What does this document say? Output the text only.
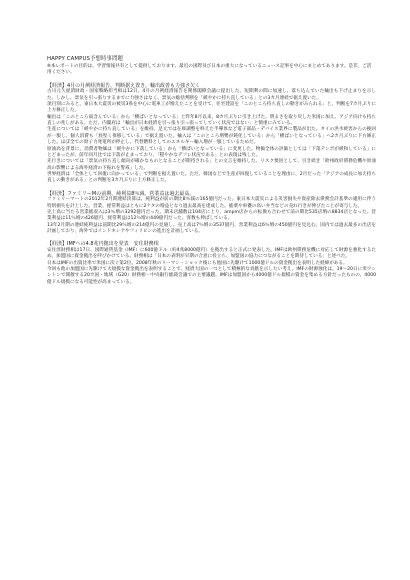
HAPPY CAMPUS予想時事問題
※本レポートの目的は、学習情報共有として提供しております。最近の国際及び日本の重大になっているニュース記事を中心にまとめてあります。是非、ご活用ください。
【経済】4月の月例経済報告、判断据え置き。輸出政善も力強さ欠く

古川元久経済財政・国家戦略担当相は12日、4月の月例経済報告を関係閣僚会議に提出した。短期利の間に加速し、落ち込んでいた輸出も下げ止まりを示した。しかし、景気を引っ張りするまでに力強さはなく、景気の総括判断を「緩やかに持ち直している」との3カ月連続で据え置いた。

項目別にみると、東日本大震災の被災3県を中心に電車工が増えたことを受けて、住宅建設を「このところ持ち直しの動きがみられる」と、判断を7カ月ぶりに上方修正した。

輸出は「このところ弱含んでいる」から「横ばいとなっている」と昨年8月以来、8カ月ぶりに引き上げた。明るさを取り戻した米国に加え、アジア向けも持ち直しの兆しがある。ただ、内閣府は「輸出が日本経済を引っ張り引っ張ってしていく状況ではない」と慎重にみている。

生産については「緩やかに持ち直している」を維持。足元では在庫調整を終えた半導体など電子部品・デバイス業界に製品が出た。タイの洪水被害からの挽回が一服し、個人消費も「底堅く推移している」で据え置いた。輸入は「このところ増勢が鈍化している」から「横ばいとなっている」へ2カ月ぶりに下方修正した。ほぼ全ての原子力発電所が停止し、代替燃料としてのエネルギー輸入増が一服しているためだ。

原油高を背景に、消費者物価は「緩やかに下落している」から「横ばいとなっている」に変更した。物価全体の評価としては「下落テンポが緩和している」にとどまったが、前年同月比では下落が止まっており、「穏やかなデフレ状況である」との表現は残した。

先行きについては「景気の持ち直し傾向が確かなものとなることが期待される」との文言を維持した。リスク要因として、引き続き「欧州政府債務危機や原油高の影響による海外経済の下振れを警戒」した。

世界経済は「全体として回復に向かっている」で判断を据え置いた。ただ、韓国などで生産が回復していることを理由に、2月だった「アジアの成長に加え持ち直しの動きがある」との判断を3カ月ぶりに上方修正した。

【経済】ファミリーMの前期、純利益8％減。営業益は過去最高。

ファミリーマートの2012年2月期連結決算は、純利益が前の期比8％減の165億円だった。東日本大震災による災害損失や資産除去債務会計基準の適用に伴う特別損失を計上した。営業、経常利益はともに2ケタの増益となり過去最高を達成した。総菜や車優の高い弁当などの売れ行きが伸びたことが寄与した。

売上高に当たる営業総収入は3％増の3292億円だった。期末店舗数は104店に上り、ampm店からの転換も合わせて前の期比535店増の8834店となった。営業利益は11％増の426億円、経常利益は12％増の449億円だった。客数も伸ばしている。

13年2月期の連結純利益は前期比29％増の214億円の見通し。売上高は7％増の3537億円、営業利益は6％増の450億円を見込む。国内では過去最多の出店を計画しており、海外ではインドネシアやフィリピンの進出を計画している。

【経済】IMFへの4.8兆円拠出を発表　安住財務相

安住淳財務相は17日、国際通貨基金（IMF）に600億ドル（約4兆8000億円）を拠出すると正式に発表した。IMFは欧州債務危機に対応して財源を強化するため、加盟国に資金拠出を呼びかけている。財務相は「日本の表明が早期の合意に役立ち、加盟国の協力につながることを期待している」と述べた。

日本はIMFの出資比率で米国に次ぐ第2位。2008年秋のリーマン・ショック後にも他国に先駆けて1000億ドルの資金拠出を表明した経緯がある。

今回も他の加盟国に先駆けて大規模な資金拠出を表明することで、経済大国の一つとして積極的な貢献を示したい考え。IMFの財源強化は、19～20日に米ワシントンで開催する20カ国・地域（G20）財務相・中央銀行総裁会議での主要議題。IMFは加盟国から4000億ドル規模の資金を集める方針だったものの、4000億ドル規模になる可能性が高まっている。
